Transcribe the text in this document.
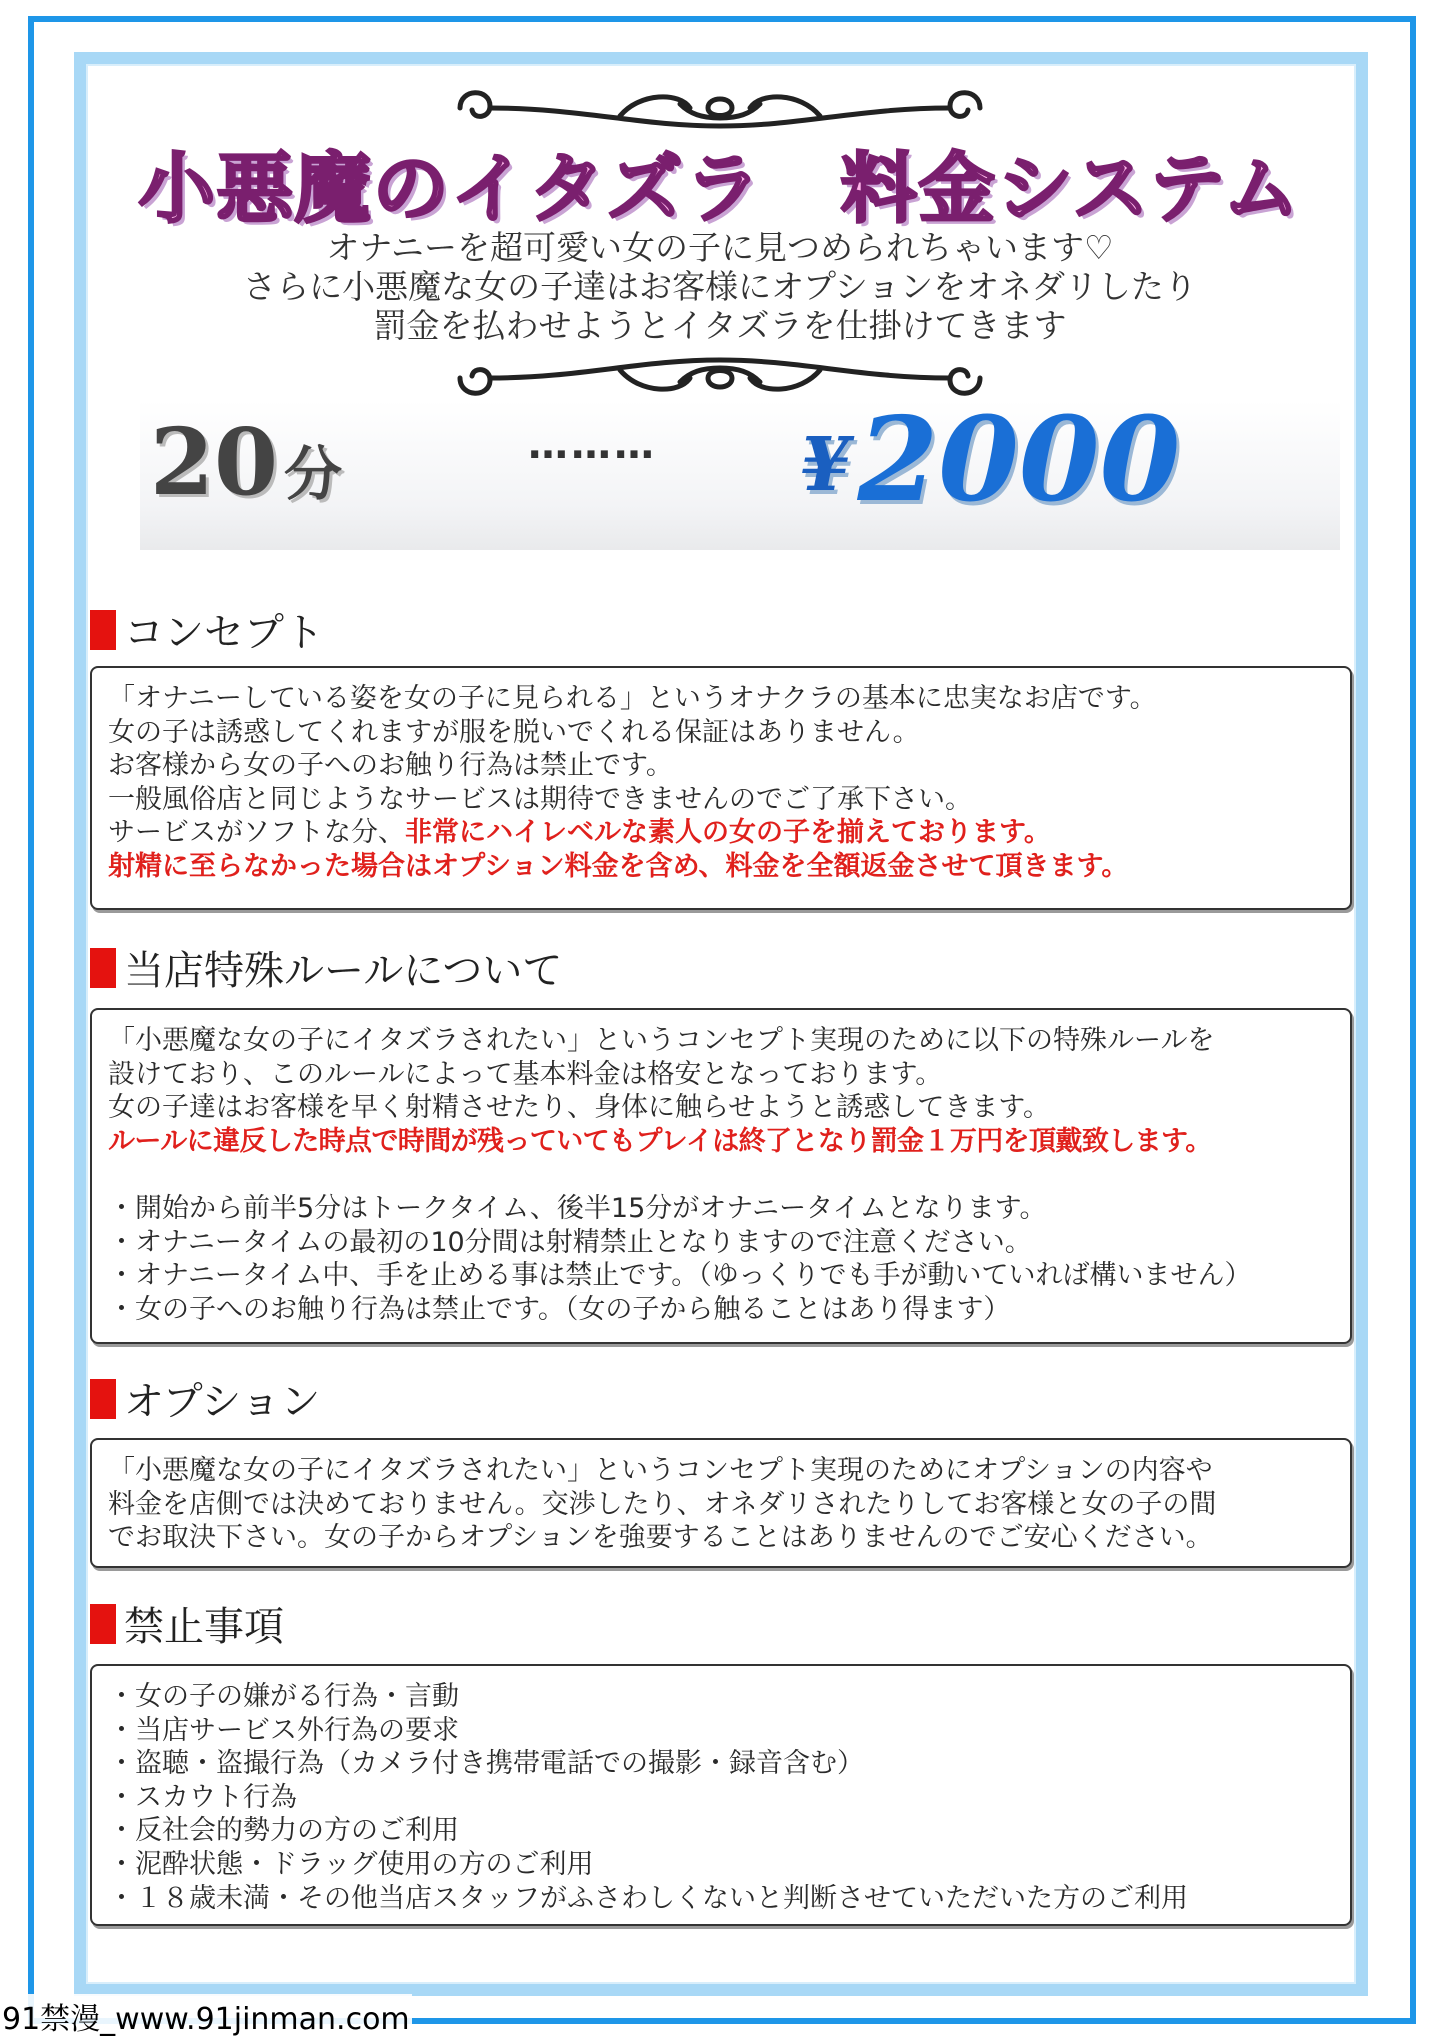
小悪魔のイタズラ　料金システム
オナニーを超可愛い女の子に見つめられちゃいます♡
さらに小悪魔な女の子達はお客様にオプションをオネダリしたり
罰金を払わせようとイタズラを仕掛けてきます
20 分	……… ¥2000
コンセプト
「オナニーしている姿を女の子に見られる」というオナクラの基本に忠実なお店です。
女の子は誘惑してくれますが服を脱いでくれる保証はありません。
お客様から女の子へのお触り行為は禁止です。
一般風俗店と同じようなサービスは期待できませんのでご了承下さい。
サービスがソフトな分、非常にハイレベルな素人の女の子を揃えております。
射精に至らなかった場合はオプション料金を含め、料金を全額返金させて頂きます。
当店特殊ルールについて
「小悪魔な女の子にイタズラされたい」というコンセプト実現のために以下の特殊ルールを
設けており、このルールによって基本料金は格安となっております。
女の子達はお客様を早く射精させたり、身体に触らせようと誘惑してきます。
ルールに違反した時点で時間が残っていてもプレイは終了となり罰金１万円を頂戴致します。
・開始から前半5分はトークタイム、後半15分がオナニータイムとなります。
・オナニータイムの最初の10分間は射精禁止となりますので注意ください。
・オナニータイム中、手を止める事は禁止です。（ゆっくりでも手が動いていれば構いません）
・女の子へのお触り行為は禁止です。（女の子から触ることはあり得ます）
オプション
「小悪魔な女の子にイタズラされたい」というコンセプト実現のためにオプションの内容や
料金を店側では決めておりません。交渉したり、オネダリされたりしてお客様と女の子の間
でお取決下さい。女の子からオプションを強要することはありませんのでご安心ください。
禁止事項
・女の子の嫌がる行為・言動
・当店サービス外行為の要求
・盗聴・盗撮行為（カメラ付き携帯電話での撮影・録音含む）
・スカウト行為
・反社会的勢力の方のご利用
・泥酔状態・ドラッグ使用の方のご利用
・１８歳未満・その他当店スタッフがふさわしくないと判断させていただいた方のご利用
91禁漫_www.91jinman.com
